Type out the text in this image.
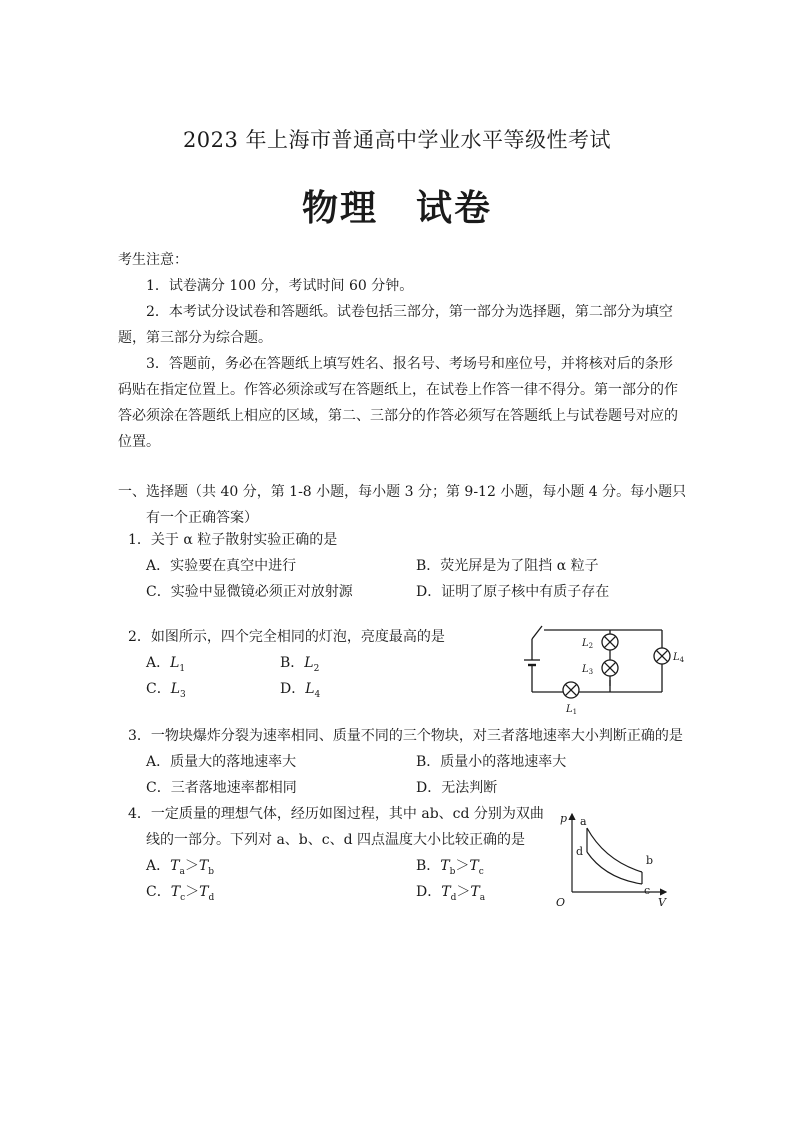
2023 年上海市普通高中学业水平等级性考试
物理　试卷
考生注意：
1．试卷满分 100 分，考试时间 60 分钟。
2．本考试分设试卷和答题纸。试卷包括三部分，第一部分为选择题，第二部分为填空题，第三部分为综合题。
3．答题前，务必在答题纸上填写姓名、报名号、考场号和座位号，并将核对后的条形码贴在指定位置上。作答必须涂或写在答题纸上，在试卷上作答一律不得分。第一部分的作答必须涂在答题纸上相应的区域，第二、三部分的作答必须写在答题纸上与试卷题号对应的位置。
一、选择题（共 40 分，第 1-8 小题，每小题 3 分；第 9-12 小题，每小题 4 分。每小题只
有一个正确答案）
1．关于 α 粒子散射实验正确的是
A．实验要在真空中进行	B．荧光屏是为了阻挡 α 粒子
C．实验中显微镜必须正对放射源	D．证明了原子核中有质子存在
2．如图所示，四个完全相同的灯泡，亮度最高的是
A．$L_1$	B．$L_2$
C．$L_3$	D．$L_4$
$L_2$
$L_3$
$L_4$
$L_1$
3．一物块爆炸分裂为速率相同、质量不同的三个物块，对三者落地速率大小判断正确的是
A．质量大的落地速率大	B．质量小的落地速率大
C．三者落地速率都相同	D．无法判断
4．一定质量的理想气体，经历如图过程，其中 ab、cd 分别为双曲
线的一部分。下列对 a、b、c、d 四点温度大小比较正确的是
A．$T_a>T_b$	B．$T_b>T_c$
C．$T_c>T_d$	D．$T_d>T_a$
p
V
O
a
b
c
d
